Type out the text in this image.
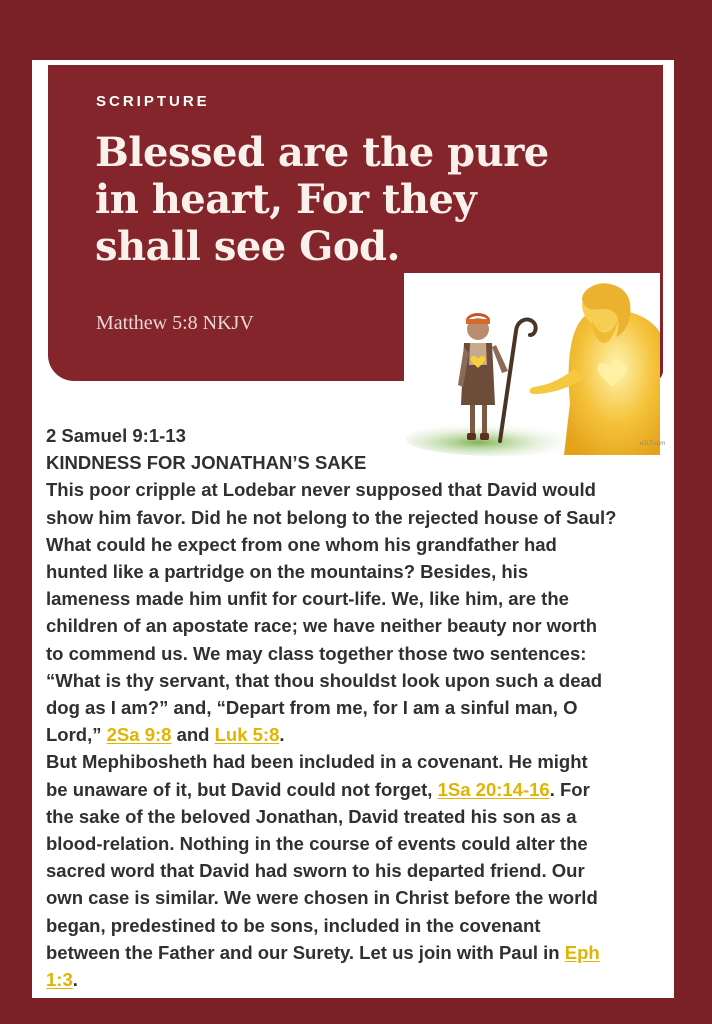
SCRIPTURE
Blessed are the pure
in heart, For they
shall see God.
Matthew 5:8 NKJV
eJLT.com
2 Samuel 9:1-13
KINDNESS FOR JONATHAN’S SAKE

This poor cripple at Lodebar never supposed that David would
show him favor. Did he not belong to the rejected house of Saul?
What could he expect from one whom his grandfather had
hunted like a partridge on the mountains? Besides, his
lameness made him unfit for court-life. We, like him, are the
children of an apostate race; we have neither beauty nor worth
to commend us. We may class together those two sentences:
“What is thy servant, that thou shouldst look upon such a dead
dog as I am?” and, “Depart from me, for I am a sinful man, O
Lord,” 2Sa 9:8 and Luk 5:8.

But Mephibosheth had been included in a covenant. He might
be unaware of it, but David could not forget, 1Sa 20:14-16. For
the sake of the beloved Jonathan, David treated his son as a
blood-relation. Nothing in the course of events could alter the
sacred word that David had sworn to his departed friend. Our
own case is similar. We were chosen in Christ before the world
began, predestined to be sons, included in the covenant
between the Father and our Surety. Let us join with Paul in Eph
1:3.
